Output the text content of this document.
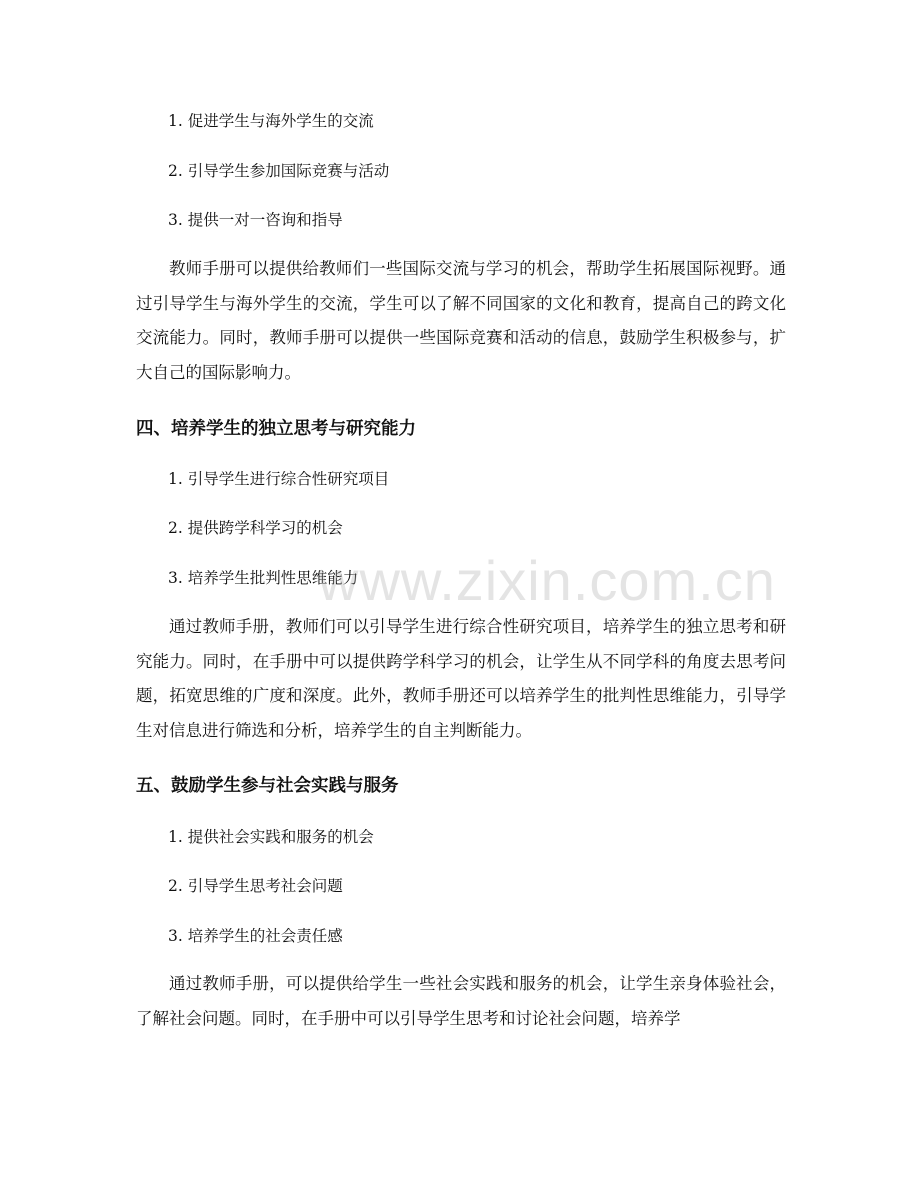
1. 促进学生与海外学生的交流
2. 引导学生参加国际竞赛与活动
3. 提供一对一咨询和指导

教师手册可以提供给教师们一些国际交流与学习的机会，帮助学生拓展国际视野。通过引导学生与海外学生的交流，学生可以了解不同国家的文化和教育，提高自己的跨文化交流能力。同时，教师手册可以提供一些国际竞赛和活动的信息，鼓励学生积极参与，扩大自己的国际影响力。

四、培养学生的独立思考与研究能力
1. 引导学生进行综合性研究项目
2. 提供跨学科学习的机会
3. 培养学生批判性思维能力

通过教师手册，教师们可以引导学生进行综合性研究项目，培养学生的独立思考和研究能力。同时，在手册中可以提供跨学科学习的机会，让学生从不同学科的角度去思考问题，拓宽思维的广度和深度。此外，教师手册还可以培养学生的批判性思维能力，引导学生对信息进行筛选和分析，培养学生的自主判断能力。

五、鼓励学生参与社会实践与服务
1. 提供社会实践和服务的机会
2. 引导学生思考社会问题
3. 培养学生的社会责任感

通过教师手册，可以提供给学生一些社会实践和服务的机会，让学生亲身体验社会，了解社会问题。同时，在手册中可以引导学生思考和讨论社会问题，培养学

www.zixin.com.cn
